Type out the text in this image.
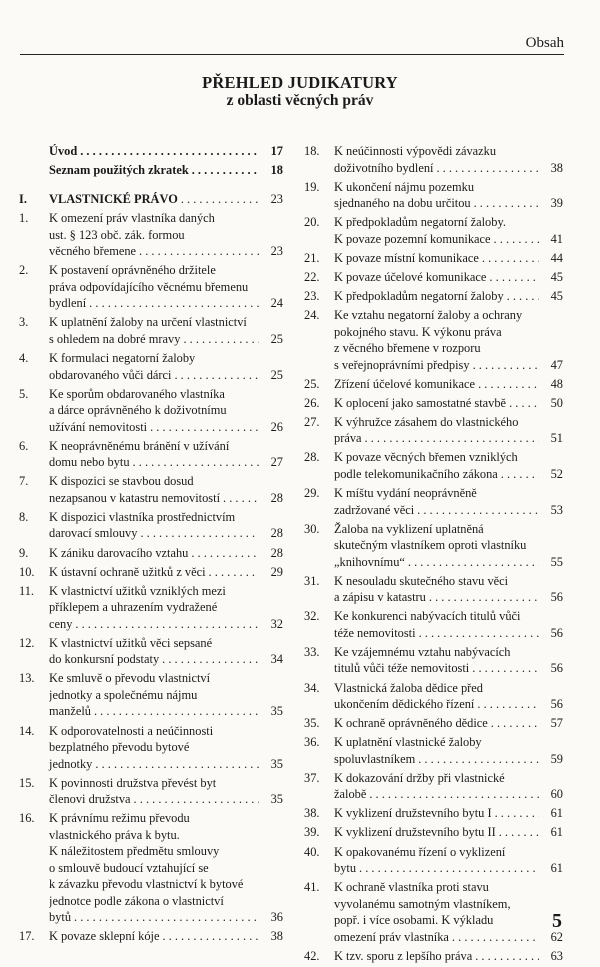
Obsah
PŘEHLED JUDIKATURY
z oblasti věcných práv
Úvod . . .	17
Seznam použitých zkratek . . .	18
I.	VLASTNICKÉ PRÁVO . . .	23
1.	K omezení práv vlastníka daných
ust. § 123 obč. zák. formou
věcného břemene . . .	23
2.	K postavení oprávněného držitele
práva odpovídajícího věcnému břemenu
bydlení . . .	24
3.	K uplatnění žaloby na určení vlastnictví
s ohledem na dobré mravy . . .	25
4.	K formulaci negatorní žaloby
obdarovaného vůči dárci . . .	25
5.	Ke sporům obdarovaného vlastníka
a dárce oprávněného k doživotnímu
užívání nemovitosti . . .	26
6.	K neoprávněnému bránění v užívání
domu nebo bytu . . .	27
7.	K dispozici se stavbou dosud
nezapsanou v katastru nemovitostí . . .	28
8.	K dispozici vlastníka prostřednictvím
darovací smlouvy . . .	28
9.	K zániku darovacího vztahu . . .	28
10.	K ústavní ochraně užitků z věci . . .	29
11.	K vlastnictví užitků vzniklých mezi
příklepem a uhrazením vydražené
ceny . . .	32
12.	K vlastnictví užitků věci sepsané
do konkursní podstaty . . .	34
13.	Ke smluvě o převodu vlastnictví
jednotky a společnému nájmu
manželů . . .	35
14.	K odporovatelnosti a neúčinnosti
bezplatného převodu bytové
jednotky . . .	35
15.	K povinnosti družstva převést byt
členovi družstva . . .	35
16.	K právnímu režimu převodu
vlastnického práva k bytu.
K náležitostem předmětu smlouvy
o smlouvě budoucí vztahující se
k závazku převodu vlastnictví k bytové
jednotce podle zákona o vlastnictví
bytů . . .	36
17.	K povaze sklepní kóje . . .	38
18.	K neúčinnosti výpovědi závazku
doživotního bydlení . . .	38
19.	K ukončení nájmu pozemku
sjednaného na dobu určitou . . .	39
20.	K předpokladům negatorní žaloby.
K povaze pozemní komunikace . . .	41
21.	K povaze místní komunikace . . .	44
22.	K povaze účelové komunikace . . .	45
23.	K předpokladům negatorní žaloby . . .	45
24.	Ke vztahu negatorní žaloby a ochrany
pokojného stavu. K výkonu práva
z věcného břemene v rozporu
s veřejnoprávními předpisy . . .	47
25.	Zřízení účelové komunikace . . .	48
26.	K oplocení jako samostatné stavbě . . .	50
27.	K výhružce zásahem do vlastnického
práva . . .	51
28.	K povaze věcných břemen vzniklých
podle telekomunikačního zákona . . .	52
29.	K míštu vydání neoprávněně
zadržované věci . . .	53
30.	Žaloba na vyklizení uplatněná
skutečným vlastníkem oproti vlastníku
„knihovnímu“ . . .	55
31.	K nesouladu skutečného stavu věci
a zápisu v katastru . . .	56
32.	Ke konkurenci nabývacích titulů vůči
téže nemovitosti . . .	56
33.	Ke vzájemnému vztahu nabývacích
titulů vůči téže nemovitosti . . .	56
34.	Vlastnická žaloba dědice před
ukončením dědického řízení . . .	56
35.	K ochraně oprávněného dědice . . .	57
36.	K uplatnění vlastnické žaloby
spoluvlastníkem . . .	59
37.	K dokazování držby při vlastnické
žalobě . . .	60
38.	K vyklizení družstevního bytu I . . .	61
39.	K vyklizení družstevního bytu II . . .	61
40.	K opakovanému řízení o vyklizení
bytu . . .	61
41.	K ochraně vlastníka proti stavu
vyvolanému samotným vlastníkem,
popř. i více osobami. K výkladu
omezení práv vlastníka . . .	62
42.	K tzv. sporu z lepšího práva . . .	63
5
